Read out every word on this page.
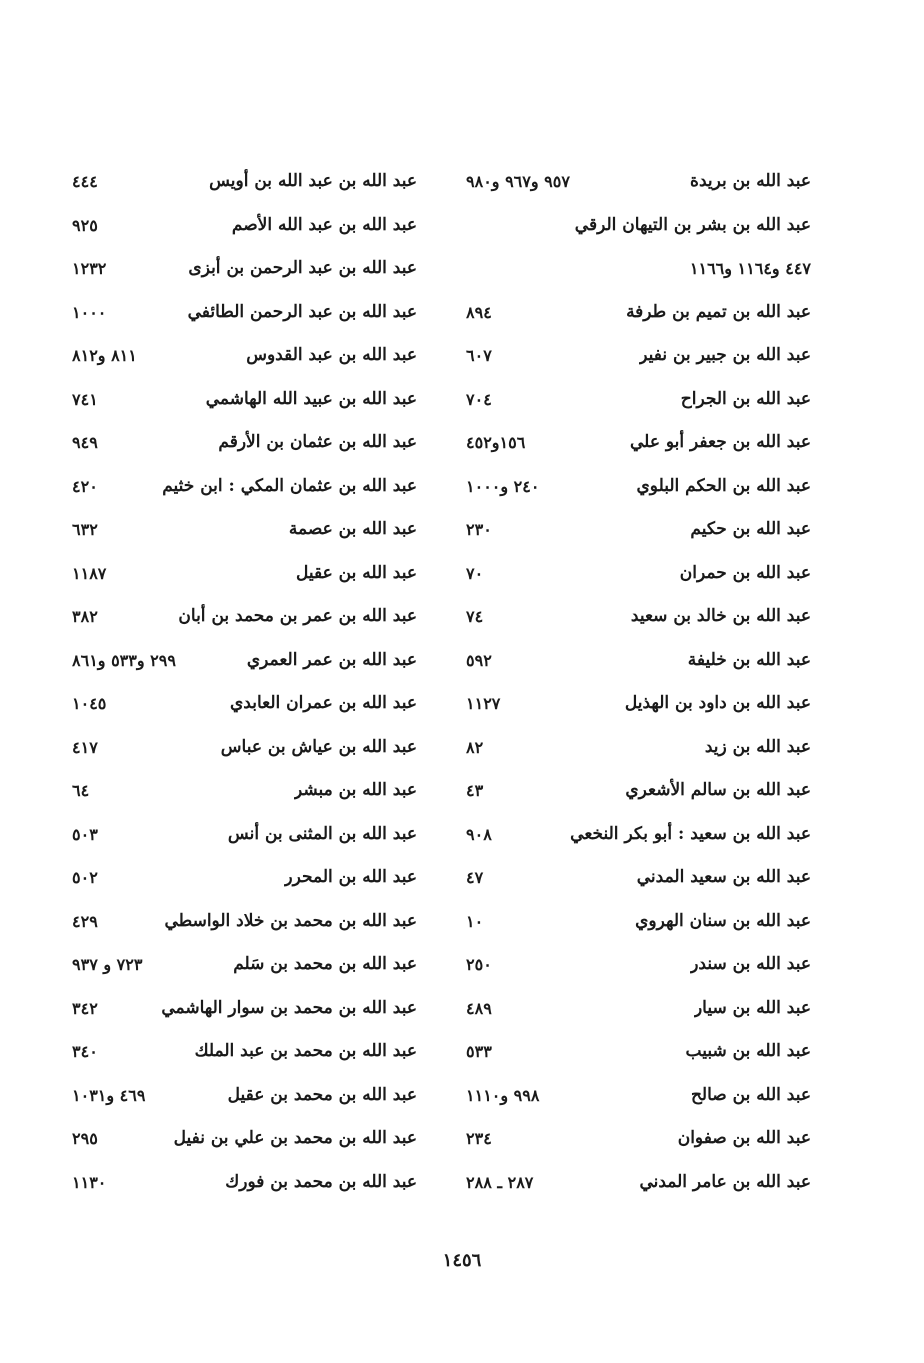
عبد الله بن بريدة
٩٥٧ و٩٦٧ و٩٨٠
عبد الله بن بشر بن التيهان الرقي
٤٤٧ و١١٦٤ و١١٦٦
عبد الله بن تميم بن طرفة
٨٩٤
عبد الله بن جبير بن نفير
٦٠٧
عبد الله بن الجراح
٧٠٤
عبد الله بن جعفر أبو علي
١٥٦و٤٥٢
عبد الله بن الحكم البلوي
٢٤٠ و١٠٠٠
عبد الله بن حكيم
٢٣٠
عبد الله بن حمران
٧٠
عبد الله بن خالد بن سعيد
٧٤
عبد الله بن خليفة
٥٩٢
عبد الله بن داود بن الهذيل
١١٢٧
عبد الله بن زيد
٨٢
عبد الله بن سالم الأشعري
٤٣
عبد الله بن سعيد : أبو بكر النخعي
٩٠٨
عبد الله بن سعيد المدني
٤٧
عبد الله بن سنان الهروي
١٠
عبد الله بن سندر
٢٥٠
عبد الله بن سيار
٤٨٩
عبد الله بن شبيب
٥٣٣
عبد الله بن صالح
٩٩٨ و١١١٠
عبد الله بن صفوان
٢٣٤
عبد الله بن عامر المدني
٢٨٧ ـ ٢٨٨
عبد الله بن عبد الله بن أويس
٤٤٤
عبد الله بن عبد الله الأصم
٩٢٥
عبد الله بن عبد الرحمن بن أبزى
١٢٣٢
عبد الله بن عبد الرحمن الطائفي
١٠٠٠
عبد الله بن عبد القدوس
٨١١ و٨١٢
عبد الله بن عبيد الله الهاشمي
٧٤١
عبد الله بن عثمان بن الأرقم
٩٤٩
عبد الله بن عثمان المكي : ابن خثيم
٤٢٠
عبد الله بن عصمة
٦٣٢
عبد الله بن عقيل
١١٨٧
عبد الله بن عمر بن محمد بن أبان
٣٨٢
عبد الله بن عمر العمري
٢٩٩ و٥٣٣ و٨٦١
عبد الله بن عمران العابدي
١٠٤٥
عبد الله بن عياش بن عباس
٤١٧
عبد الله بن مبشر
٦٤
عبد الله بن المثنى بن أنس
٥٠٣
عبد الله بن المحرر
٥٠٢
عبد الله بن محمد بن خلاد الواسطي
٤٢٩
عبد الله بن محمد بن سَلم
٧٢٣ و ٩٣٧
عبد الله بن محمد بن سوار الهاشمي
٣٤٢
عبد الله بن محمد بن عبد الملك
٣٤٠
عبد الله بن محمد بن عقيل
٤٦٩ و١٠٣١
عبد الله بن محمد بن علي بن نفيل
٢٩٥
عبد الله بن محمد بن فورك
١١٣٠
١٤٥٦
